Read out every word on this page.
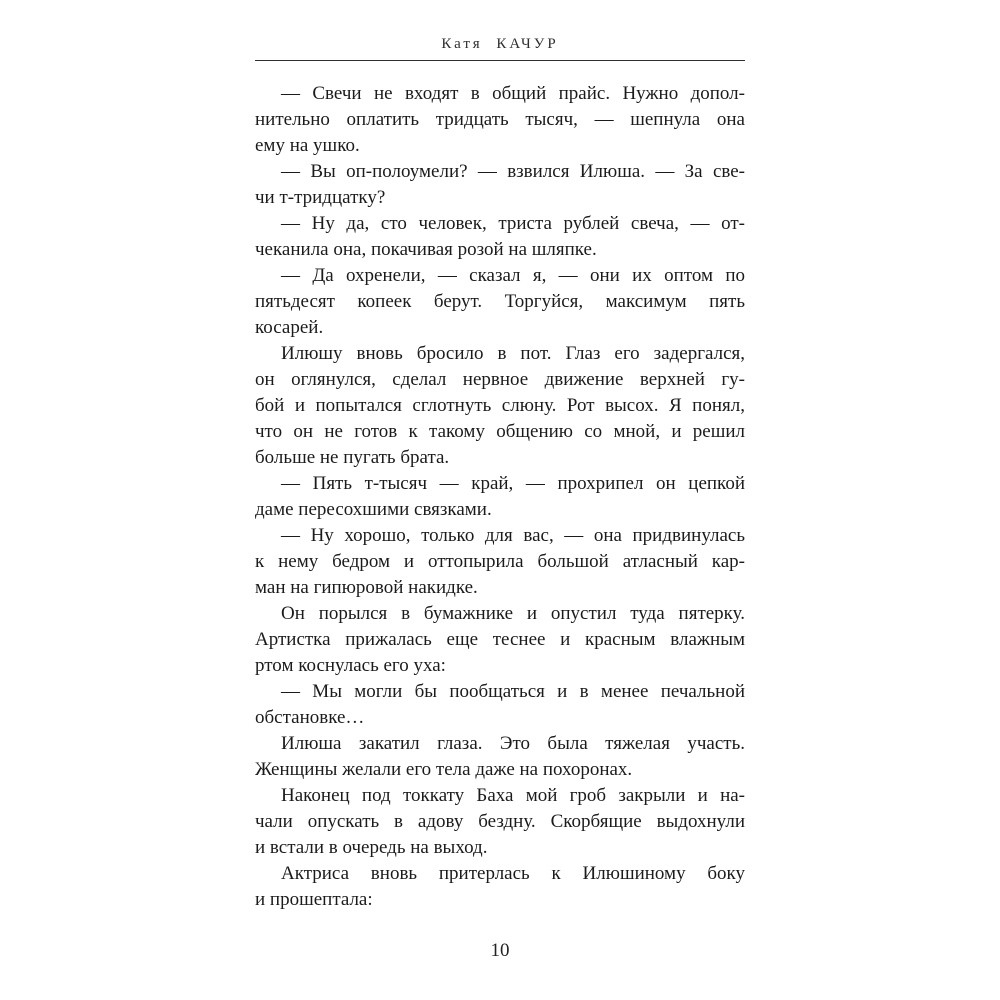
Катя КАЧУР

— Свечи не входят в общий прайс. Нужно допол-
нительно оплатить тридцать тысяч, — шепнула она
ему на ушко.

— Вы оп-полоумели? — взвился Илюша. — За све-
чи т-тридцатку?

— Ну да, сто человек, триста рублей свеча, — от-
чеканила она, покачивая розой на шляпке.

— Да охренели, — сказал я, — они их оптом по
пятьдесят копеек берут. Торгуйся, максимум пять
косарей.

Илюшу вновь бросило в пот. Глаз его задергался,
он оглянулся, сделал нервное движение верхней гу-
бой и попытался сглотнуть слюну. Рот высох. Я понял,
что он не готов к такому общению со мной, и решил
больше не пугать брата.

— Пять т-тысяч — край, — прохрипел он цепкой
даме пересохшими связками.

— Ну хорошо, только для вас, — она придвинулась
к нему бедром и оттопырила большой атласный кар-
ман на гипюровой накидке.

Он порылся в бумажнике и опустил туда пятерку.
Артистка прижалась еще теснее и красным влажным
ртом коснулась его уха:

— Мы могли бы пообщаться и в менее печальной
обстановке…

Илюша закатил глаза. Это была тяжелая участь.
Женщины желали его тела даже на похоронах.

Наконец под токкату Баха мой гроб закрыли и на-
чали опускать в адову бездну. Скорбящие выдохнули
и встали в очередь на выход.

Актриса вновь притерлась к Илюшиному боку
и прошептала:

10
